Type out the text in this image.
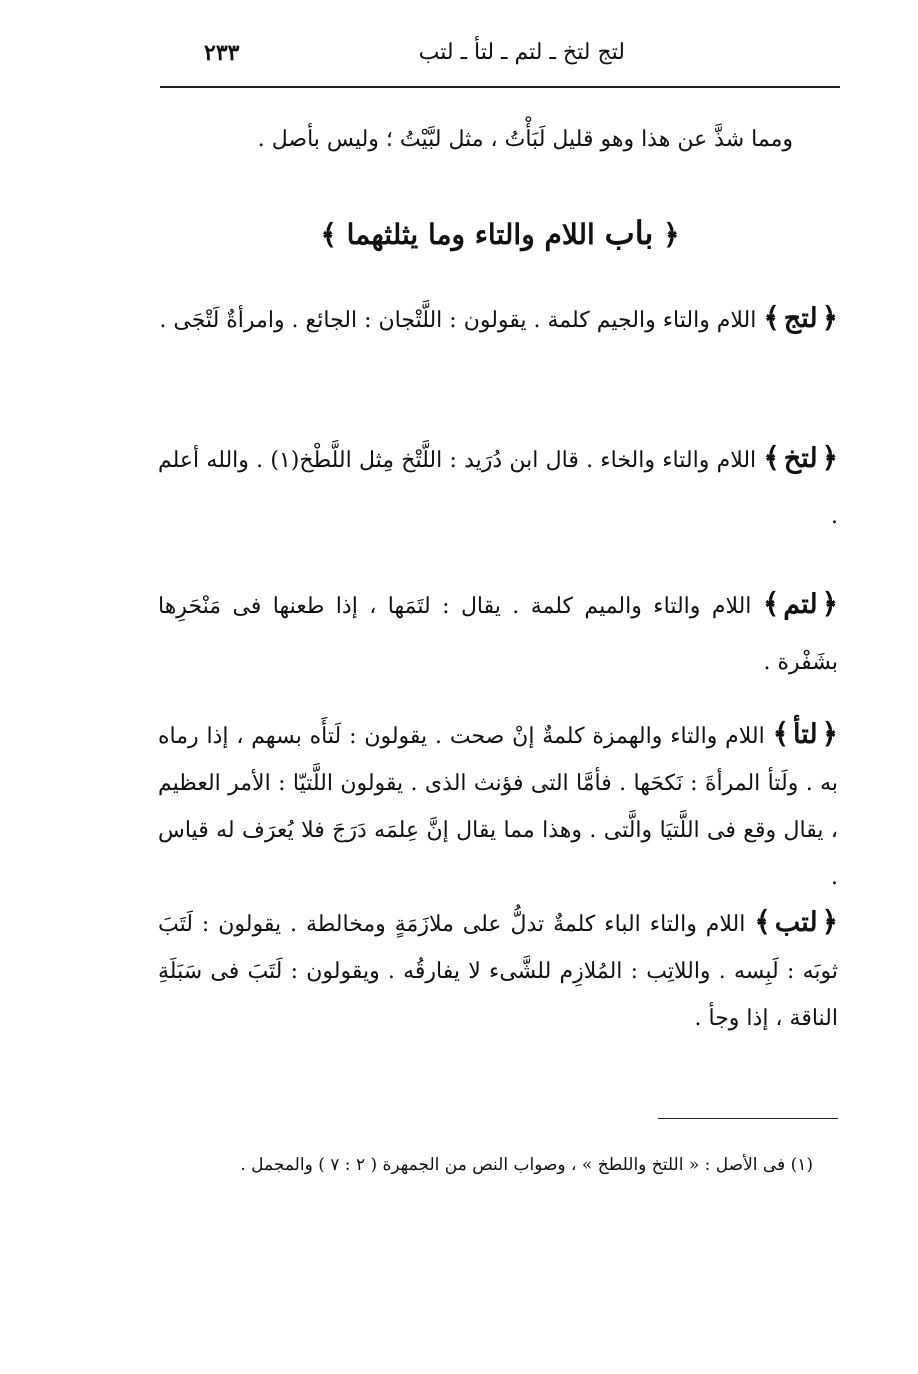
لتج لتخ ـ لتم ـ لتأ ـ لتب
٢٣٣
ومما شذَّ عن هذا وهو قليل لَبَأْتُ ، مثل لبَّيْتُ ؛ وليس بأصل .
﴿ باب اللام والتاء وما يثلثهما ﴾
﴿لتج﴾ اللام والتاء والجيم كلمة . يقولون : اللَّتْجان : الجائع . وامرأةٌ لَتْجَى .
﴿لتخ﴾ اللام والتاء والخاء . قال ابن دُرَيد : اللَّتْخ مِثل اللَّطْخ(١) . والله أعلم .
﴿لتم﴾ اللام والتاء والميم كلمة . يقال : لتَمَها ، إذا طعنها فى مَنْحَرِها بشَفْرة .
﴿لتأ﴾ اللام والتاء والهمزة كلمةٌ إنْ صحت . يقولون : لَتأَه بسهم ، إذا رماه به . ولَتأ المرأةَ : نَكحَها . فأمَّا التى فؤنث الذى . يقولون اللَّتيّا : الأمر العظيم ، يقال وقع فى اللَّتيَا والَّتى . وهذا مما يقال إنَّ عِلمَه دَرَجَ فلا يُعرَف له قياس .
﴿لتب﴾ اللام والتاء الباء كلمةٌ تدلُّ على ملازَمَةٍ ومخالطة . يقولون : لَتَبَ ثوبَه : لَبِسه . واللاتِب : المُلازِم للشَّىء لا يفارقُه . ويقولون : لَتَبَ فى سَبَلَةِ الناقة ، إذا وجأ .
(١) فى الأصل : « اللتخ واللطخ » ، وصواب النص من الجمهرة ( ٢ : ٧ ) والمجمل .
